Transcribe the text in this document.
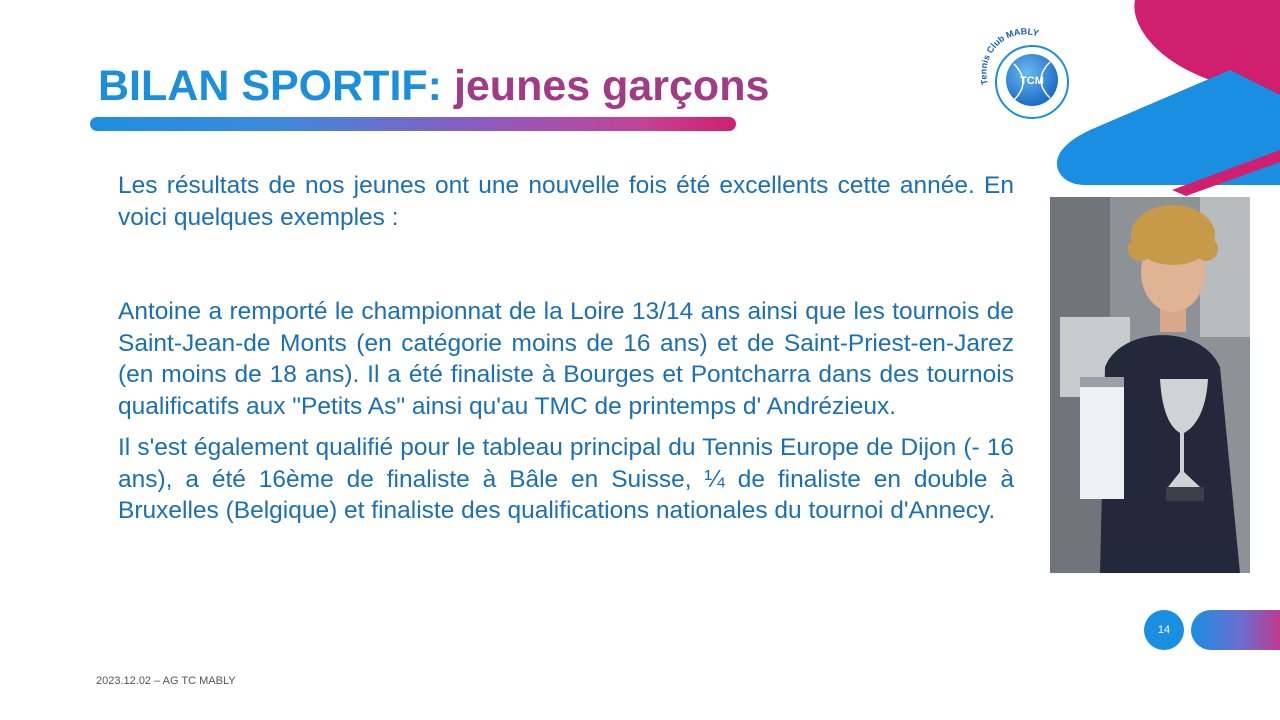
BILAN SPORTIF: jeunes garçons	TCM
Tennis Club MABLY

Les résultats de nos jeunes ont une nouvelle fois été excellents cette année. En voici quelques exemples :

Antoine a remporté le championnat de la Loire 13/14 ans ainsi que les tournois de Saint-Jean-de Monts (en catégorie moins de 16 ans) et de Saint-Priest-en-Jarez (en moins de 18 ans). Il a été finaliste à Bourges et Pontcharra dans des tournois qualificatifs aux "Petits As" ainsi qu'au TMC de printemps d' Andrézieux.

Il s'est également qualifié pour le tableau principal du Tennis Europe de Dijon (- 16 ans), a été 16ème de finaliste à Bâle en Suisse, ¼ de finaliste en double à Bruxelles (Belgique) et finaliste des qualifications nationales du tournoi d'Annecy.

14
2023.12.02 – AG TC MABLY
